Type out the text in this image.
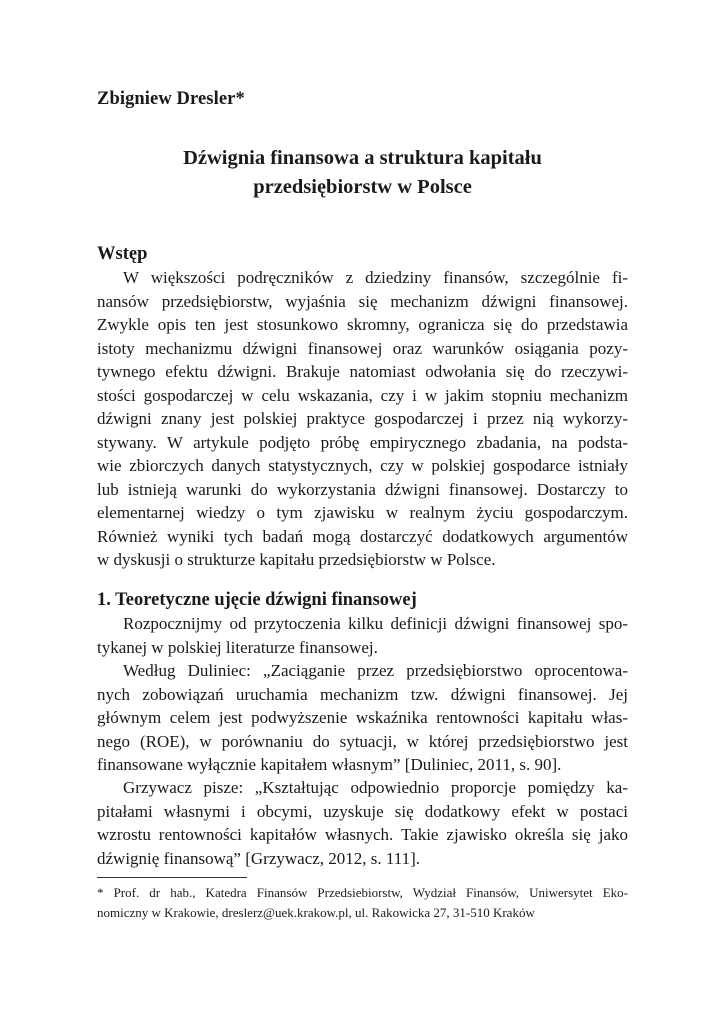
Zbigniew Dresler*
Dźwignia finansowa a struktura kapitału
przedsiębiorstw w Polsce
Wstęp
W większości podręczników z dziedziny finansów, szczególnie fi-
nansów przedsiębiorstw, wyjaśnia się mechanizm dźwigni finansowej.
Zwykle opis ten jest stosunkowo skromny, ogranicza się do przedstawia
istoty mechanizmu dźwigni finansowej oraz warunków osiągania pozy-
tywnego efektu dźwigni. Brakuje natomiast odwołania się do rzeczywi-
stości gospodarczej w celu wskazania, czy i w jakim stopniu mechanizm
dźwigni znany jest polskiej praktyce gospodarczej i przez nią wykorzy-
stywany. W artykule podjęto próbę empirycznego zbadania, na podsta-
wie zbiorczych danych statystycznych, czy w polskiej gospodarce istniały
lub istnieją warunki do wykorzystania dźwigni finansowej. Dostarczy to
elementarnej wiedzy o tym zjawisku w realnym życiu gospodarczym.
Również wyniki tych badań mogą dostarczyć dodatkowych argumentów
w dyskusji o strukturze kapitału przedsiębiorstw w Polsce.
1. Teoretyczne ujęcie dźwigni finansowej
Rozpocznijmy od przytoczenia kilku definicji dźwigni finansowej spo-
tykanej w polskiej literaturze finansowej.
Według Duliniec: „Zaciąganie przez przedsiębiorstwo oprocentowa-
nych zobowiązań uruchamia mechanizm tzw. dźwigni finansowej. Jej
głównym celem jest podwyższenie wskaźnika rentowności kapitału włas-
nego (ROE), w porównaniu do sytuacji, w której przedsiębiorstwo jest
finansowane wyłącznie kapitałem własnym” [Duliniec, 2011, s. 90].
Grzywacz pisze: „Kształtując odpowiednio proporcje pomiędzy ka-
pitałami własnymi i obcymi, uzyskuje się dodatkowy efekt w postaci
wzrostu rentowności kapitałów własnych. Takie zjawisko określa się jako
dźwignię finansową” [Grzywacz, 2012, s. 111].
* Prof. dr hab., Katedra Finansów Przedsiebiorstw, Wydział Finansów, Uniwersytet Eko-
nomiczny w Krakowie, dreslerz@uek.krakow.pl, ul. Rakowicka 27, 31-510 Kraków
